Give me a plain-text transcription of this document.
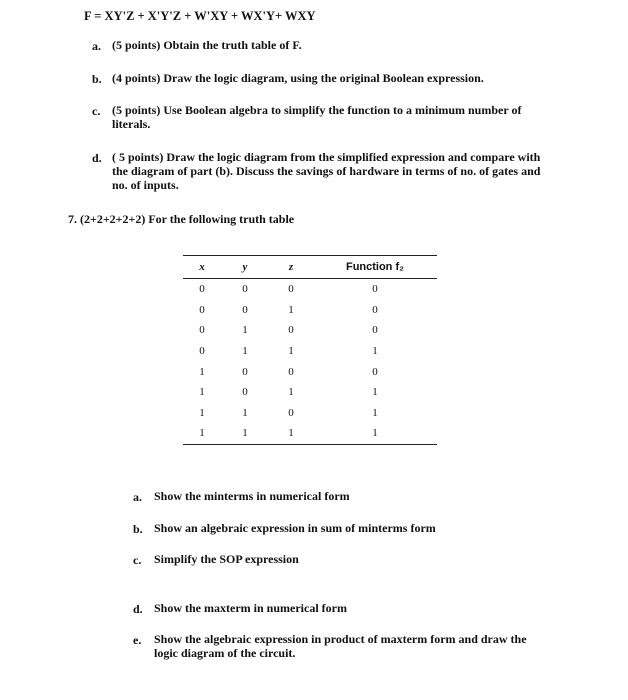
F = XY'Z + X'Y'Z + W'XY + WX'Y+ WXY
a. (5 points) Obtain the truth table of F.
b. (4 points) Draw the logic diagram, using the original Boolean expression.
c. (5 points) Use Boolean algebra to simplify the function to a minimum number of
literals.
d. ( 5 points) Draw the logic diagram from the simplified expression and compare with
the diagram of part (b). Discuss the savings of hardware in terms of no. of gates and
no. of inputs.
7. (2+2+2+2+2) For the following truth table
x	y	z	Function f₂
0	0	0	0
0	0	1	0
0	1	0	0
0	1	1	1
1	0	0	0
1	0	1	1
1	1	0	1
1	1	1	1
a. Show the minterms in numerical form
b. Show an algebraic expression in sum of minterms form
c. Simplify the SOP expression
d. Show the maxterm in numerical form
e. Show the algebraic expression in product of maxterm form and draw the
logic diagram of the circuit.
